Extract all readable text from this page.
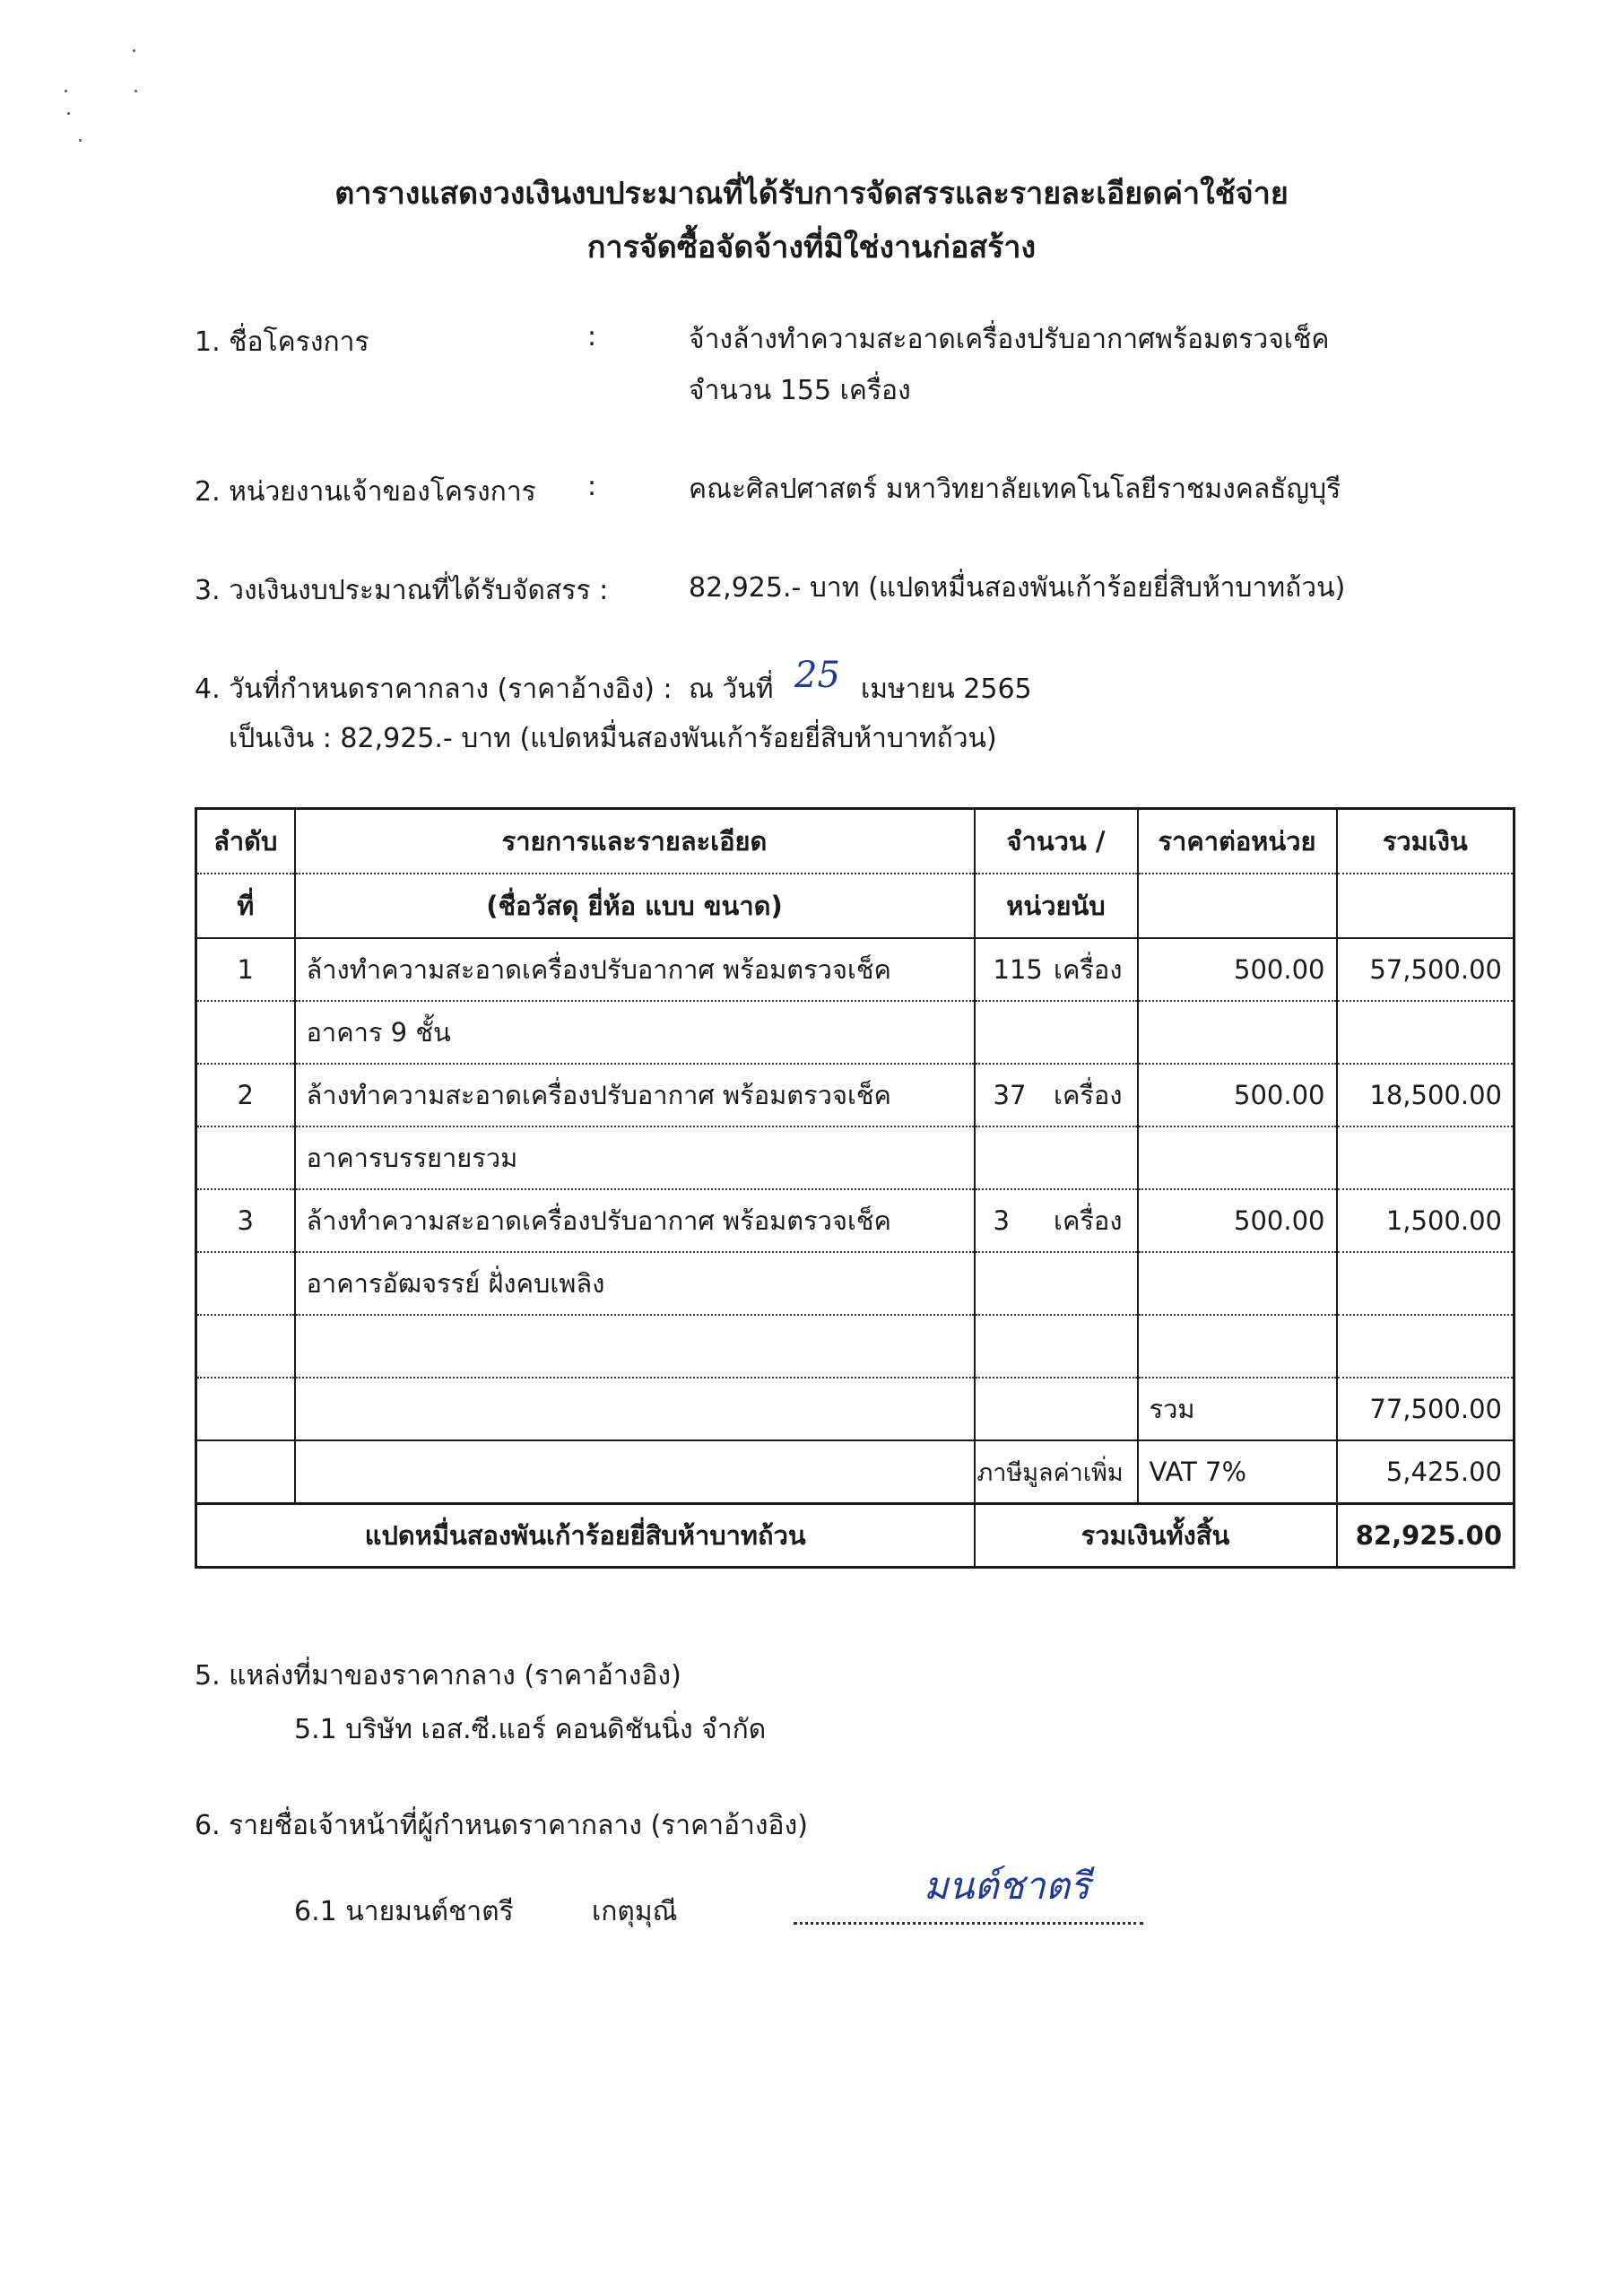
ตารางแสดงวงเงินงบประมาณที่ได้รับการจัดสรรและรายละเอียดค่าใช้จ่าย
การจัดซื้อจัดจ้างที่มิใช่งานก่อสร้าง
1. ชื่อโครงการ	:	จ้างล้างทำความสะอาดเครื่องปรับอากาศพร้อมตรวจเช็ค
จำนวน 155 เครื่อง
2. หน่วยงานเจ้าของโครงการ :	คณะศิลปศาสตร์ มหาวิทยาลัยเทคโนโลยีราชมงคลธัญบุรี
3. วงเงินงบประมาณที่ได้รับจัดสรร :	82,925.- บาท (แปดหมื่นสองพันเก้าร้อยยี่สิบห้าบาทถ้วน)
4. วันที่กำหนดราคากลาง (ราคาอ้างอิง) : ณ วันที่ 25 เมษายน 2565
เป็นเงิน : 82,925.- บาท (แปดหมื่นสองพันเก้าร้อยยี่สิบห้าบาทถ้วน)
ลำดับ	รายการและรายละเอียด	จำนวน /	ราคาต่อหน่วย	รวมเงิน
ที่	(ชื่อวัสดุ ยี่ห้อ แบบ ขนาด)	หน่วยนับ		
1	ล้างทำความสะอาดเครื่องปรับอากาศ พร้อมตรวจเช็ค	115 เครื่อง	500.00	57,500.00
	อาคาร 9 ชั้น			
2	ล้างทำความสะอาดเครื่องปรับอากาศ พร้อมตรวจเช็ค	37 เครื่อง	500.00	18,500.00
	อาคารบรรยายรวม			
3	ล้างทำความสะอาดเครื่องปรับอากาศ พร้อมตรวจเช็ค	3 เครื่อง	500.00	1,500.00
	อาคารอัฒจรรย์ ฝั่งคบเพลิง			

			รวม	77,500.00
		ภาษีมูลค่าเพิ่ม	VAT 7%	5,425.00
แปดหมื่นสองพันเก้าร้อยยี่สิบห้าบาทถ้วน		รวมเงินทั้งสิ้น		82,925.00
5. แหล่งที่มาของราคากลาง (ราคาอ้างอิง)
5.1 บริษัท เอส.ซี.แอร์ คอนดิชันนิ่ง จำกัด
6. รายชื่อเจ้าหน้าที่ผู้กำหนดราคากลาง (ราคาอ้างอิง)
6.1 นายมนต์ชาตรี	เกตุมุณี
มนต์ชาตรี
